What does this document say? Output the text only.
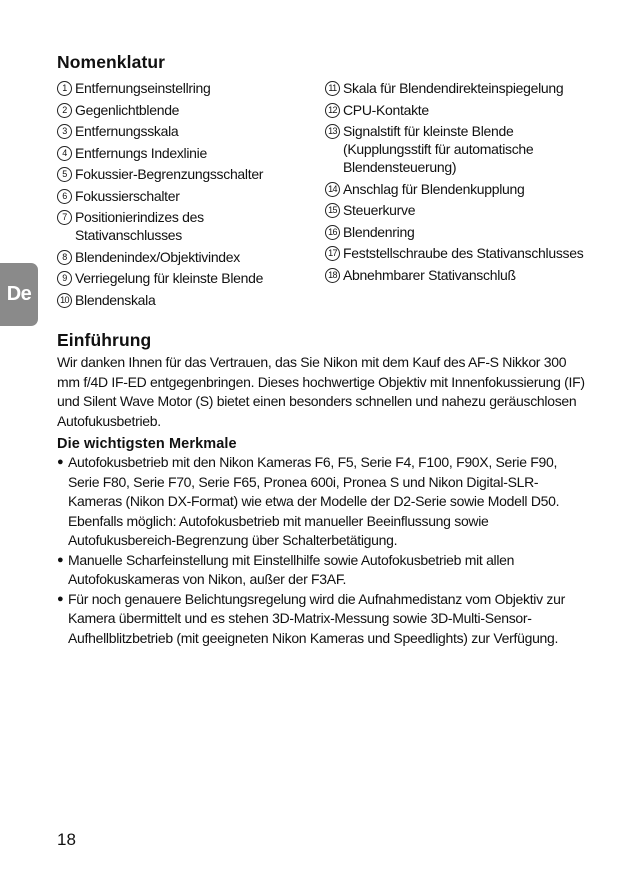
De
Nomenklatur
1 Entfernungseinstellring
2 Gegenlichtblende
3 Entfernungsskala
4 Entfernungs Indexlinie
5 Fokussier-Begrenzungsschalter
6 Fokussierschalter
7 Positionierindizes des Stativanschlusses
8 Blendenindex/Objektivindex
9 Verriegelung für kleinste Blende
10 Blendenskala
11 Skala für Blendendirekteinspiegelung
12 CPU-Kontakte
13 Signalstift für kleinste Blende (Kupplungsstift für automatische Blendensteuerung)
14 Anschlag für Blendenkupplung
15 Steuerkurve
16 Blendenring
17 Feststellschraube des Stativanschlusses
18 Abnehmbarer Stativanschluß
Einführung

Wir danken Ihnen für das Vertrauen, das Sie Nikon mit dem Kauf des AF-S Nikkor 300 mm f/4D IF-ED entgegenbringen. Dieses hochwertige Objektiv mit Innenfokussierung (IF) und Silent Wave Motor (S) bietet einen besonders schnellen und nahezu geräuschlosen Autofukusbetrieb.

Die wichtigsten Merkmale
● Autofokusbetrieb mit den Nikon Kameras F6, F5, Serie F4, F100, F90X, Serie F90, Serie F80, Serie F70, Serie F65, Pronea 600i, Pronea S und Nikon Digital-SLR-Kameras (Nikon DX-Format) wie etwa der Modelle der D2-Serie sowie Modell D50. Ebenfalls möglich: Autofokusbetrieb mit manueller Beeinflussung sowie Autofukusbereich-Begrenzung über Schalterbetätigung.
● Manuelle Scharfeinstellung mit Einstellhilfe sowie Autofokusbetrieb mit allen Autofokuskameras von Nikon, außer der F3AF.
● Für noch genauere Belichtungsregelung wird die Aufnahmedistanz vom Objektiv zur Kamera übermittelt und es stehen 3D-Matrix-Messung sowie 3D-Multi-Sensor-Aufhellblitzbetrieb (mit geeigneten Nikon Kameras und Speedlights) zur Verfügung.
18
